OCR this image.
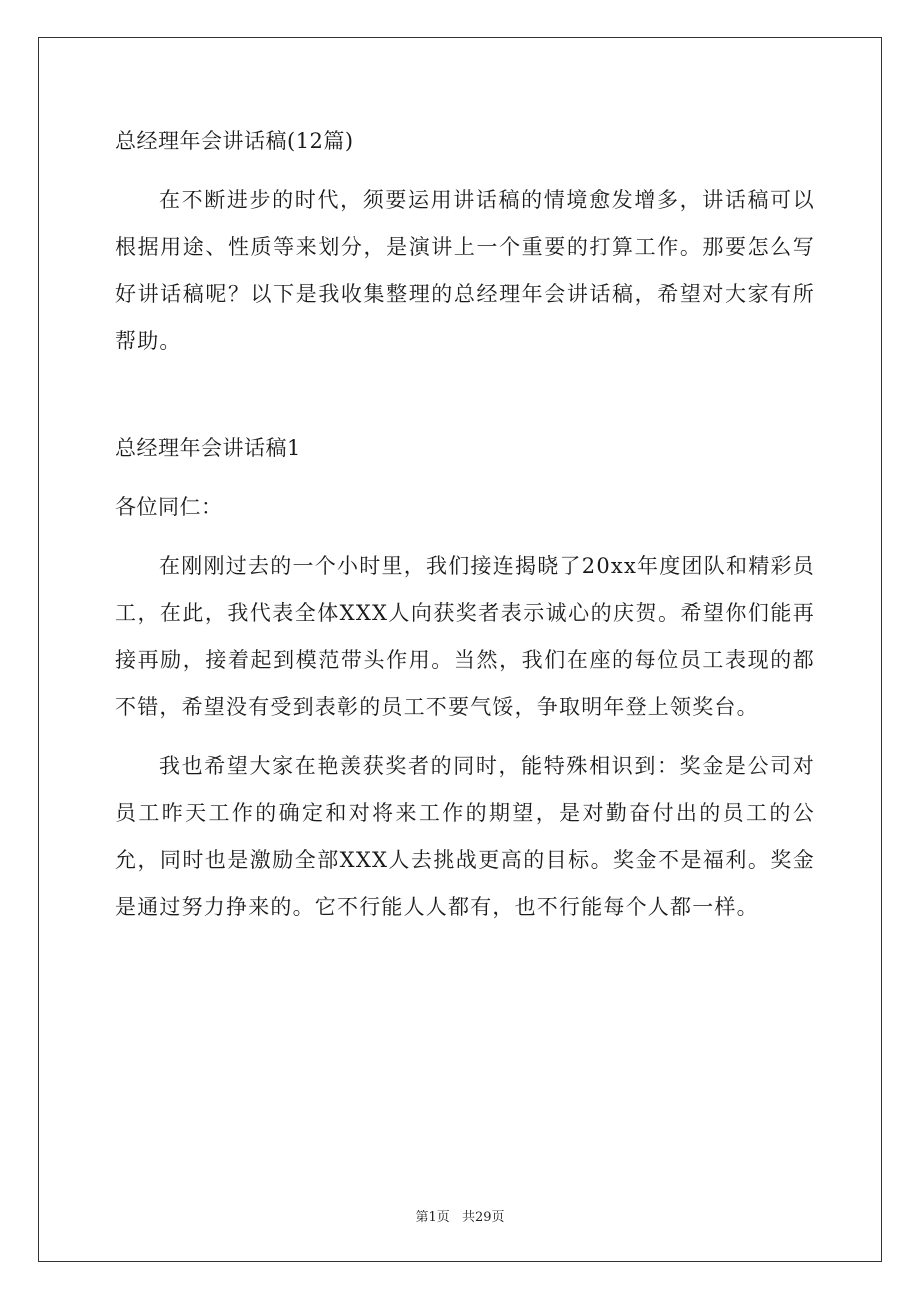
总经理年会讲话稿(12篇)

在不断进步的时代，须要运用讲话稿的情境愈发增多，讲话稿可以根据用途、性质等来划分，是演讲上一个重要的打算工作。那要怎么写好讲话稿呢？以下是我收集整理的总经理年会讲话稿，希望对大家有所帮助。

总经理年会讲话稿1

各位同仁：

在刚刚过去的一个小时里，我们接连揭晓了20xx年度团队和精彩员工，在此，我代表全体XXX人向获奖者表示诚心的庆贺。希望你们能再接再励，接着起到模范带头作用。当然，我们在座的每位员工表现的都不错，希望没有受到表彰的员工不要气馁，争取明年登上领奖台。

我也希望大家在艳羡获奖者的同时，能特殊相识到：奖金是公司对员工昨天工作的确定和对将来工作的期望，是对勤奋付出的员工的公允，同时也是激励全部XXX人去挑战更高的目标。奖金不是福利。奖金是通过努力挣来的。它不行能人人都有，也不行能每个人都一样。

第1页 共29页
